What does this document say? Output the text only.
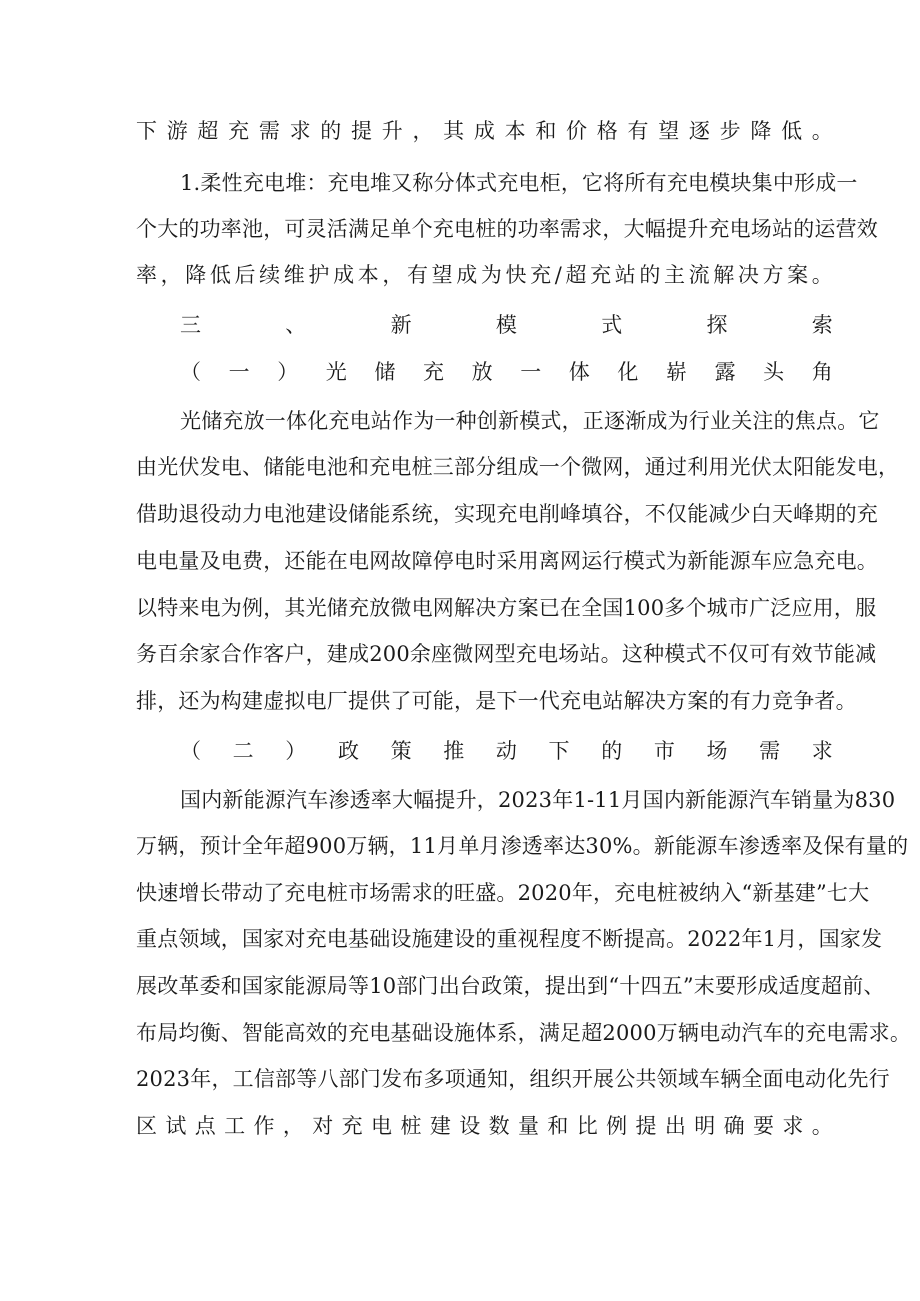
下游超充需求的提升，其成本和价格有望逐步降低。
1.柔性充电堆：充电堆又称分体式充电柜，它将所有充电模块集中形成一
个大的功率池，可灵活满足单个充电桩的功率需求，大幅提升充电场站的运营效
率，降低后续维护成本，有望成为快充/超充站的主流解决方案。
三、新模式探索
（一）光储充放一体化崭露头角
光储充放一体化充电站作为一种创新模式，正逐渐成为行业关注的焦点。它
由光伏发电、储能电池和充电桩三部分组成一个微网，通过利用光伏太阳能发电，
借助退役动力电池建设储能系统，实现充电削峰填谷，不仅能减少白天峰期的充
电电量及电费，还能在电网故障停电时采用离网运行模式为新能源车应急充电。
以特来电为例，其光储充放微电网解决方案已在全国100多个城市广泛应用，服
务百余家合作客户，建成200余座微网型充电场站。这种模式不仅可有效节能减
排，还为构建虚拟电厂提供了可能，是下一代充电站解决方案的有力竞争者。
（二）政策推动下的市场需求
国内新能源汽车渗透率大幅提升，2023年1-11月国内新能源汽车销量为830
万辆，预计全年超900万辆，11月单月渗透率达30%。新能源车渗透率及保有量的
快速增长带动了充电桩市场需求的旺盛。2020年，充电桩被纳入“新基建”七大
重点领域，国家对充电基础设施建设的重视程度不断提高。2022年1月，国家发
展改革委和国家能源局等10部门出台政策，提出到“十四五”末要形成适度超前、
布局均衡、智能高效的充电基础设施体系，满足超2000万辆电动汽车的充电需求。
2023年，工信部等八部门发布多项通知，组织开展公共领域车辆全面电动化先行
区试点工作，对充电桩建设数量和比例提出明确要求。
